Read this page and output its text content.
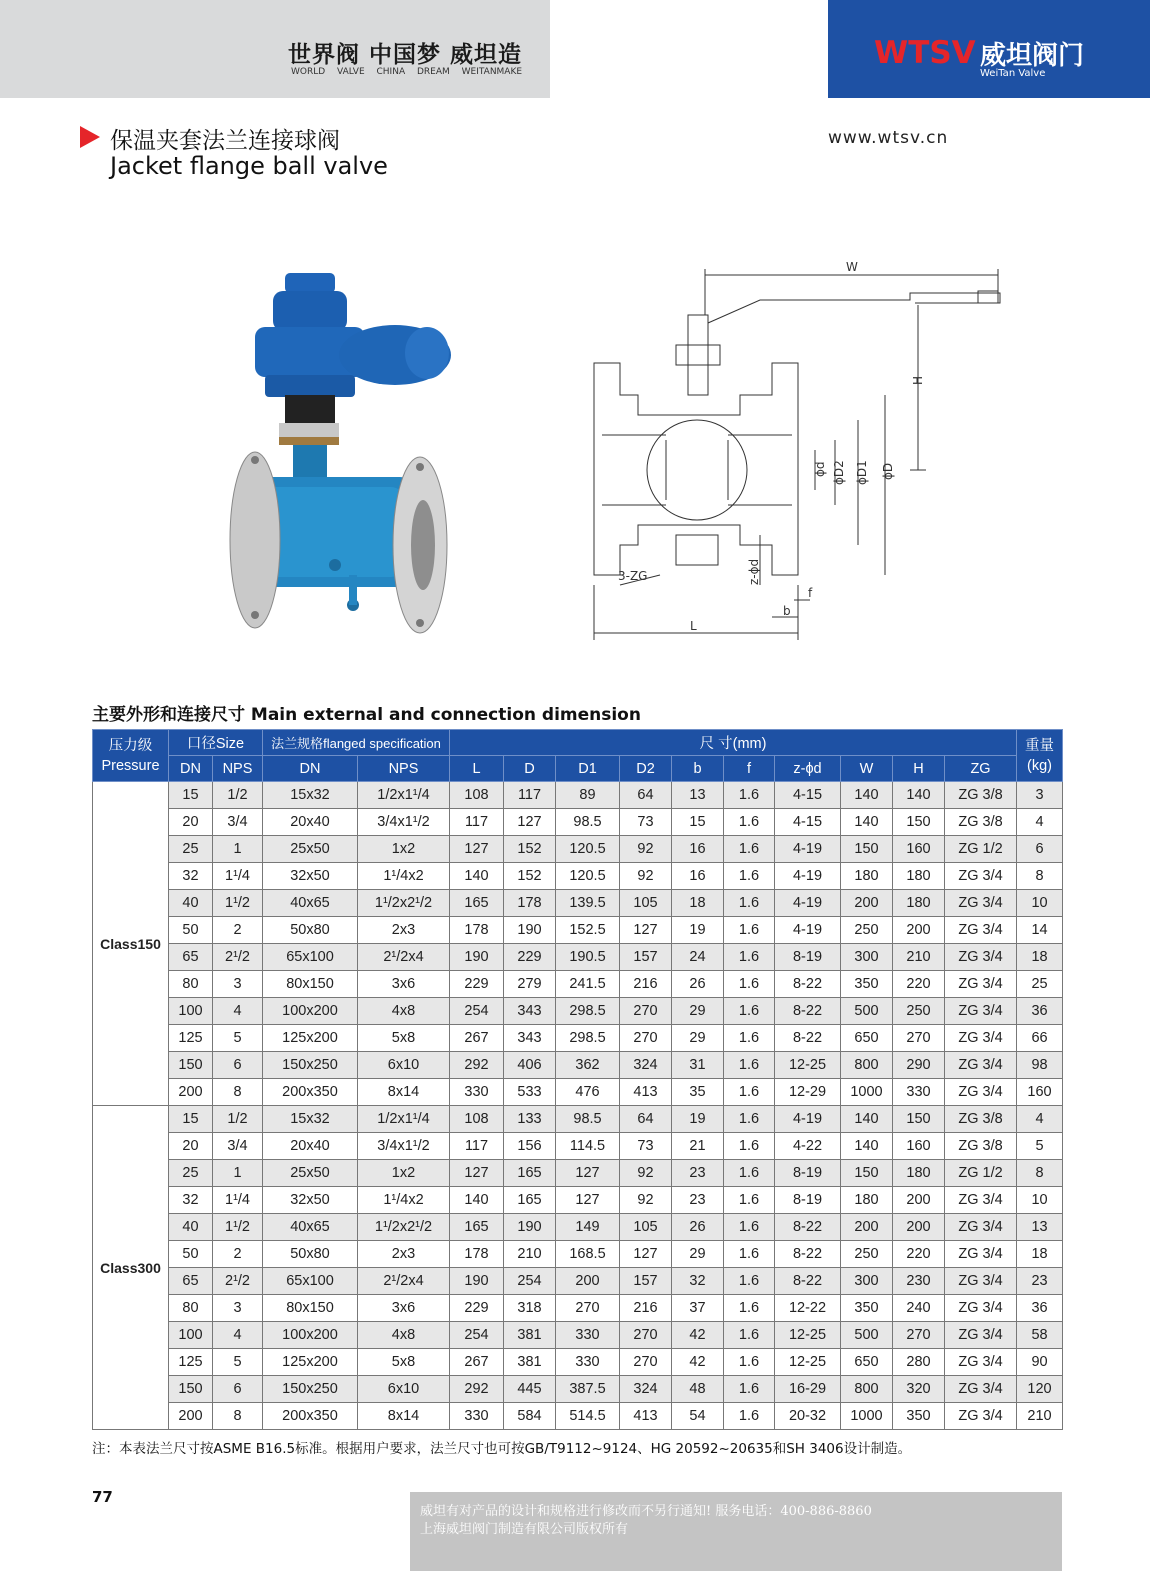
世界阀 中国梦 威坦造
WORLD VALVE CHINA DREAM WEITANMAKE
WTSV 威坦阀门
WeiTan Valve
保温夹套法兰连接球阀
Jacket flange ball valve
www.wtsv.cn
W
H
ϕd ϕD2 ϕD1 ϕD
3-ZG	z-ϕd
f
b
L
主要外形和连接尺寸 Main external and connection dimension
压力级
Pressure	口径Size		法兰规格flanged specification		尺 寸(mm)										重量
(kg)
	DN	NPS	DN	NPS	L	D	D1	D2	b	f	z-ϕd	W	H	ZG	
Class150	15	1/2	15x32	1/2x1¹/4	108	117	89	64	13	1.6	4-15	140	140	ZG 3/8	3
	20	3/4	20x40	3/4x1¹/2	117	127	98.5	73	15	1.6	4-15	140	150	ZG 3/8	4
	25	1	25x50	1x2	127	152	120.5	92	16	1.6	4-19	150	160	ZG 1/2	6
	32	1¹/4	32x50	1¹/4x2	140	152	120.5	92	16	1.6	4-19	180	180	ZG 3/4	8
	40	1¹/2	40x65	1¹/2x2¹/2	165	178	139.5	105	18	1.6	4-19	200	180	ZG 3/4	10
	50	2	50x80	2x3	178	190	152.5	127	19	1.6	4-19	250	200	ZG 3/4	14
	65	2¹/2	65x100	2¹/2x4	190	229	190.5	157	24	1.6	8-19	300	210	ZG 3/4	18
	80	3	80x150	3x6	229	279	241.5	216	26	1.6	8-22	350	220	ZG 3/4	25
	100	4	100x200	4x8	254	343	298.5	270	29	1.6	8-22	500	250	ZG 3/4	36
	125	5	125x200	5x8	267	343	298.5	270	29	1.6	8-22	650	270	ZG 3/4	66
	150	6	150x250	6x10	292	406	362	324	31	1.6	12-25	800	290	ZG 3/4	98
	200	8	200x350	8x14	330	533	476	413	35	1.6	12-29	1000	330	ZG 3/4	160
Class300	15	1/2	15x32	1/2x1¹/4	108	133	98.5	64	19	1.6	4-19	140	150	ZG 3/8	4
	20	3/4	20x40	3/4x1¹/2	117	156	114.5	73	21	1.6	4-22	140	160	ZG 3/8	5
	25	1	25x50	1x2	127	165	127	92	23	1.6	8-19	150	180	ZG 1/2	8
	32	1¹/4	32x50	1¹/4x2	140	165	127	92	23	1.6	8-19	180	200	ZG 3/4	10
	40	1¹/2	40x65	1¹/2x2¹/2	165	190	149	105	26	1.6	8-22	200	200	ZG 3/4	13
	50	2	50x80	2x3	178	210	168.5	127	29	1.6	8-22	250	220	ZG 3/4	18
	65	2¹/2	65x100	2¹/2x4	190	254	200	157	32	1.6	8-22	300	230	ZG 3/4	23
	80	3	80x150	3x6	229	318	270	216	37	1.6	12-22	350	240	ZG 3/4	36
	100	4	100x200	4x8	254	381	330	270	42	1.6	12-25	500	270	ZG 3/4	58
	125	5	125x200	5x8	267	381	330	270	42	1.6	12-25	650	280	ZG 3/4	90
	150	6	150x250	6x10	292	445	387.5	324	48	1.6	16-29	800	320	ZG 3/4	120
	200	8	200x350	8x14	330	584	514.5	413	54	1.6	20-32	1000	350	ZG 3/4	210
注：本表法兰尺寸按ASME B16.5标准。根据用户要求，法兰尺寸也可按GB/T9112~9124、HG 20592~20635和SH 3406设计制造。
77
威坦有对产品的设计和规格进行修改而不另行通知! 服务电话：400-886-8860
上海威坦阀门制造有限公司版权所有
